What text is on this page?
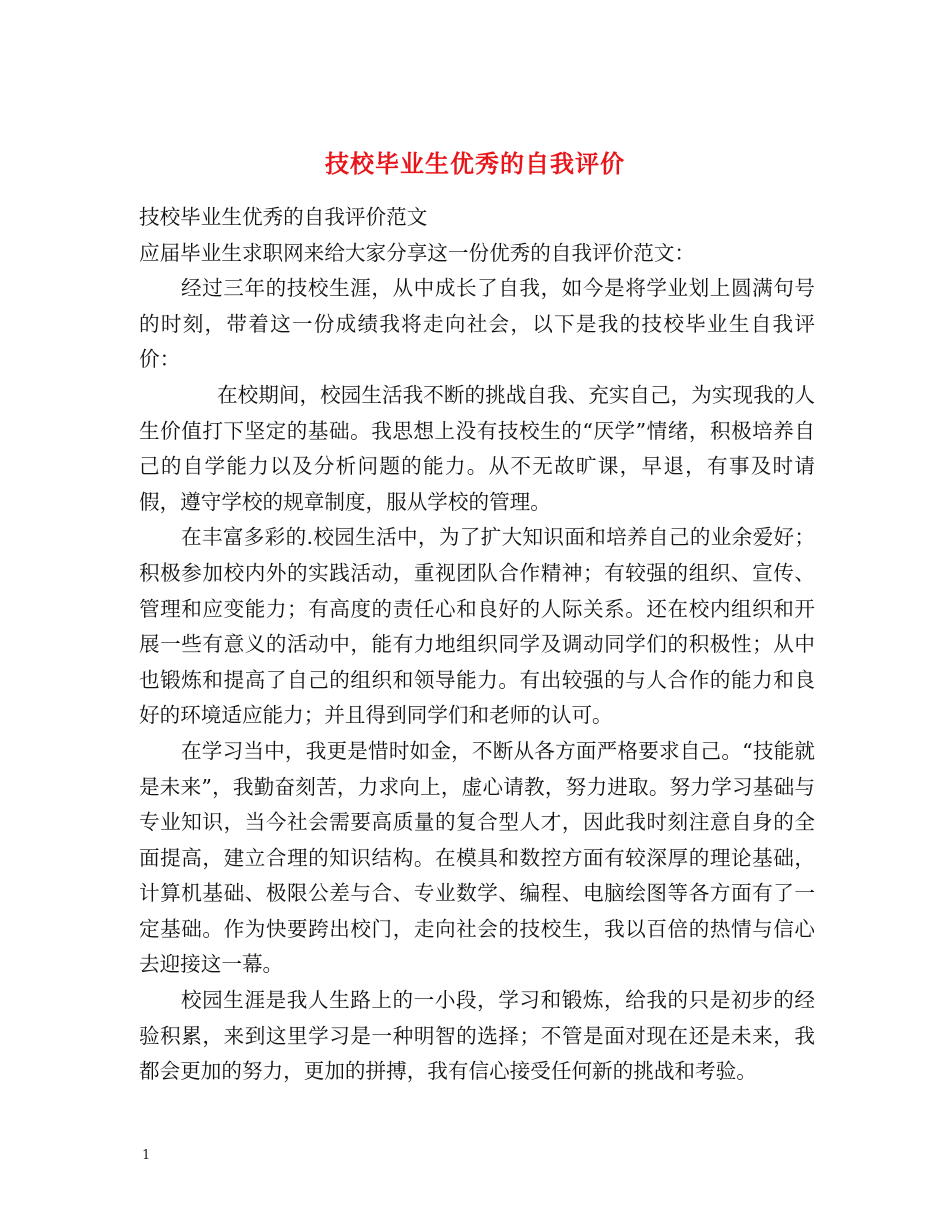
技校毕业生优秀的自我评价

技校毕业生优秀的自我评价范文

应届毕业生求职网来给大家分享这一份优秀的自我评价范文：

经过三年的技校生涯，从中成长了自我，如今是将学业划上圆满句号的时刻，带着这一份成绩我将走向社会，以下是我的技校毕业生自我评价：

在校期间，校园生活我不断的挑战自我、充实自己，为实现我的人生价值打下坚定的基础。我思想上没有技校生的“厌学”情绪，积极培养自己的自学能力以及分析问题的能力。从不无故旷课，早退，有事及时请假，遵守学校的规章制度，服从学校的管理。

在丰富多彩的.校园生活中，为了扩大知识面和培养自己的业余爱好；积极参加校内外的实践活动，重视团队合作精神；有较强的组织、宣传、管理和应变能力；有高度的责任心和良好的人际关系。还在校内组织和开展一些有意义的活动中，能有力地组织同学及调动同学们的积极性；从中也锻炼和提高了自己的组织和领导能力。有出较强的与人合作的能力和良好的环境适应能力；并且得到同学们和老师的认可。

在学习当中，我更是惜时如金，不断从各方面严格要求自己。“技能就是未来”，我勤奋刻苦，力求向上，虚心请教，努力进取。努力学习基础与专业知识，当今社会需要高质量的复合型人才，因此我时刻注意自身的全面提高，建立合理的知识结构。在模具和数控方面有较深厚的理论基础，计算机基础、极限公差与合、专业数学、编程、电脑绘图等各方面有了一定基础。作为快要跨出校门，走向社会的技校生，我以百倍的热情与信心去迎接这一幕。

校园生涯是我人生路上的一小段，学习和锻炼，给我的只是初步的经验积累，来到这里学习是一种明智的选择；不管是面对现在还是未来，我都会更加的努力，更加的拼搏，我有信心接受任何新的挑战和考验。

1
